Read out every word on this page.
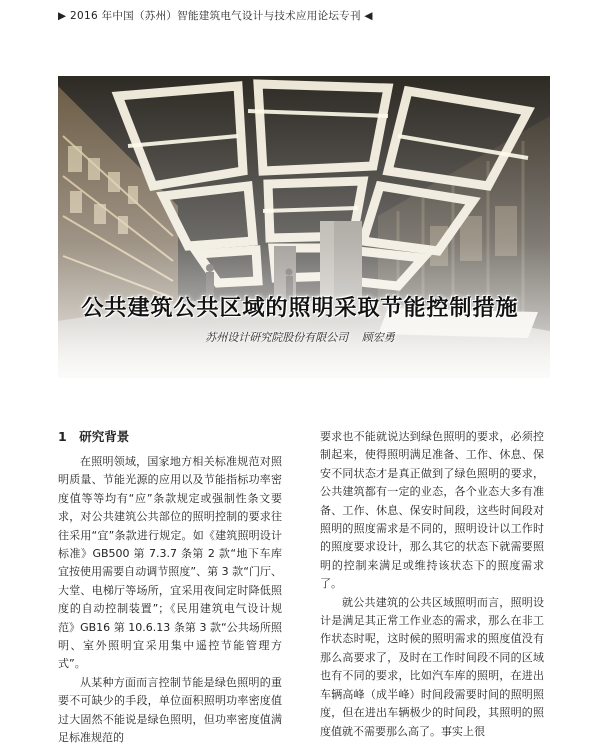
▶ 2016 年中国（苏州）智能建筑电气设计与技术应用论坛专刊 ◀
公共建筑公共区域的照明采取节能控制措施
苏州设计研究院股份有限公司 顾宏勇
1　研究背景

在照明领域，国家地方相关标准规范对照明质量、节能光源的应用以及节能指标功率密度值等等均有“应”条款规定或强制性条文要求，对公共建筑公共部位的照明控制的要求往往采用“宜”条款进行规定。如《建筑照明设计标准》GB500 第 7.3.7 条第 2 款“地下车库宜按使用需要自动调节照度”、第 3 款“门厅、大堂、电梯厅等场所，宜采用夜间定时降低照度的自动控制装置”；《民用建筑电气设计规范》GB16 第 10.6.13 条第 3 款“公共场所照明、室外照明宜采用集中遥控节能管理方式”。

从某种方面而言控制节能是绿色照明的重要不可缺少的手段，单位面积照明功率密度值过大固然不能说是绿色照明，但功率密度值满足标准规范的

要求也不能就说达到绿色照明的要求，必须控制起来，使得照明满足准备、工作、休息、保安不同状态才是真正做到了绿色照明的要求，公共建筑都有一定的业态，各个业态大多有准备、工作、休息、保安时间段，这些时间段对照明的照度需求是不同的，照明设计以工作时的照度要求设计，那么其它的状态下就需要照明的控制来满足或维持该状态下的照度需求了。

就公共建筑的公共区域照明而言，照明设计是满足其正常工作业态的需求，那么在非工作状态时呢，这时候的照明需求的照度值没有那么高要求了，及时在工作时间段不同的区域也有不同的要求，比如汽车库的照明，在进出车辆高峰（成半峰）时间段需要时间的照明照度，但在进出车辆极少的时间段，其照明的照度值就不需要那么高了。事实上很
